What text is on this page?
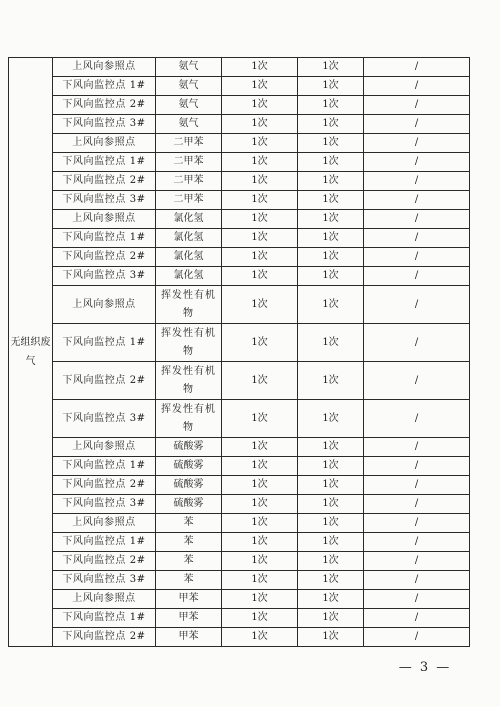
无组织废气	上风向参照点	氨气	1次	1次	/
	下风向监控点 1#	氨气	1次	1次	/
	下风向监控点 2#	氨气	1次	1次	/
	下风向监控点 3#	氨气	1次	1次	/
	上风向参照点	二甲苯	1次	1次	/
	下风向监控点 1#	二甲苯	1次	1次	/
	下风向监控点 2#	二甲苯	1次	1次	/
	下风向监控点 3#	二甲苯	1次	1次	/
	上风向参照点	氯化氢	1次	1次	/
	下风向监控点 1#	氯化氢	1次	1次	/
	下风向监控点 2#	氯化氢	1次	1次	/
	下风向监控点 3#	氯化氢	1次	1次	/
	上风向参照点	挥发性有机物	1次	1次	/
	下风向监控点 1#	挥发性有机物	1次	1次	/
	下风向监控点 2#	挥发性有机物	1次	1次	/
	下风向监控点 3#	挥发性有机物	1次	1次	/
	上风向参照点	硫酸雾	1次	1次	/
	下风向监控点 1#	硫酸雾	1次	1次	/
	下风向监控点 2#	硫酸雾	1次	1次	/
	下风向监控点 3#	硫酸雾	1次	1次	/
	上风向参照点	苯	1次	1次	/
	下风向监控点 1#	苯	1次	1次	/
	下风向监控点 2#	苯	1次	1次	/
	下风向监控点 3#	苯	1次	1次	/
	上风向参照点	甲苯	1次	1次	/
	下风向监控点 1#	甲苯	1次	1次	/
	下风向监控点 2#	甲苯	1次	1次	/
— 3 —
